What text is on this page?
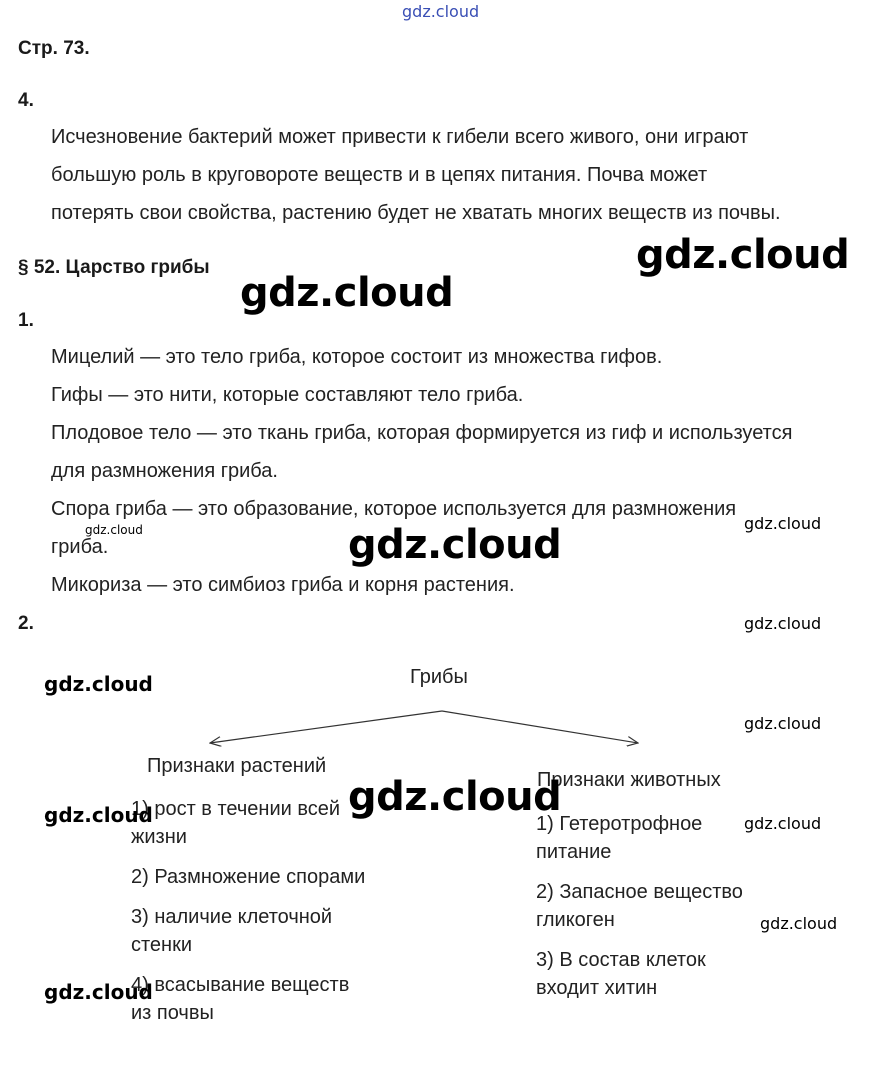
gdz.cloud
Стр. 73.
4.
Исчезновение бактерий может привести к гибели всего живого, они играют
большую роль в круговороте веществ и в цепях питания. Почва может
потерять свои свойства, растению будет не хватать многих веществ из почвы.
§ 52. Царство грибы
1.
Мицелий — это тело гриба, которое состоит из множества гифов.
Гифы — это нити, которые составляют тело гриба.
Плодовое тело — это ткань гриба, которая формируется из гиф и используется
для размножения гриба.
Спора гриба — это образование, которое используется для размножения
гриба.
Микориза — это симбиоз гриба и корня растения.
2.
Грибы
Признаки растений
1) рост в течении всей жизни
2) Размножение спорами
3) наличие клеточной стенки
4) всасывание веществ из почвы
Признаки животных
1) Гетеротрофное питание
2) Запасное вещество гликоген
3) В состав клеток входит хитин
gdz.cloud
gdz.cloud
gdz.cloud
gdz.cloud
gdz.cloud	gdz.cloud
gdz.cloud
gdz.cloud
gdz.cloud
gdz.cloud
gdz.cloud
gdz.cloud
gdz.cloud
